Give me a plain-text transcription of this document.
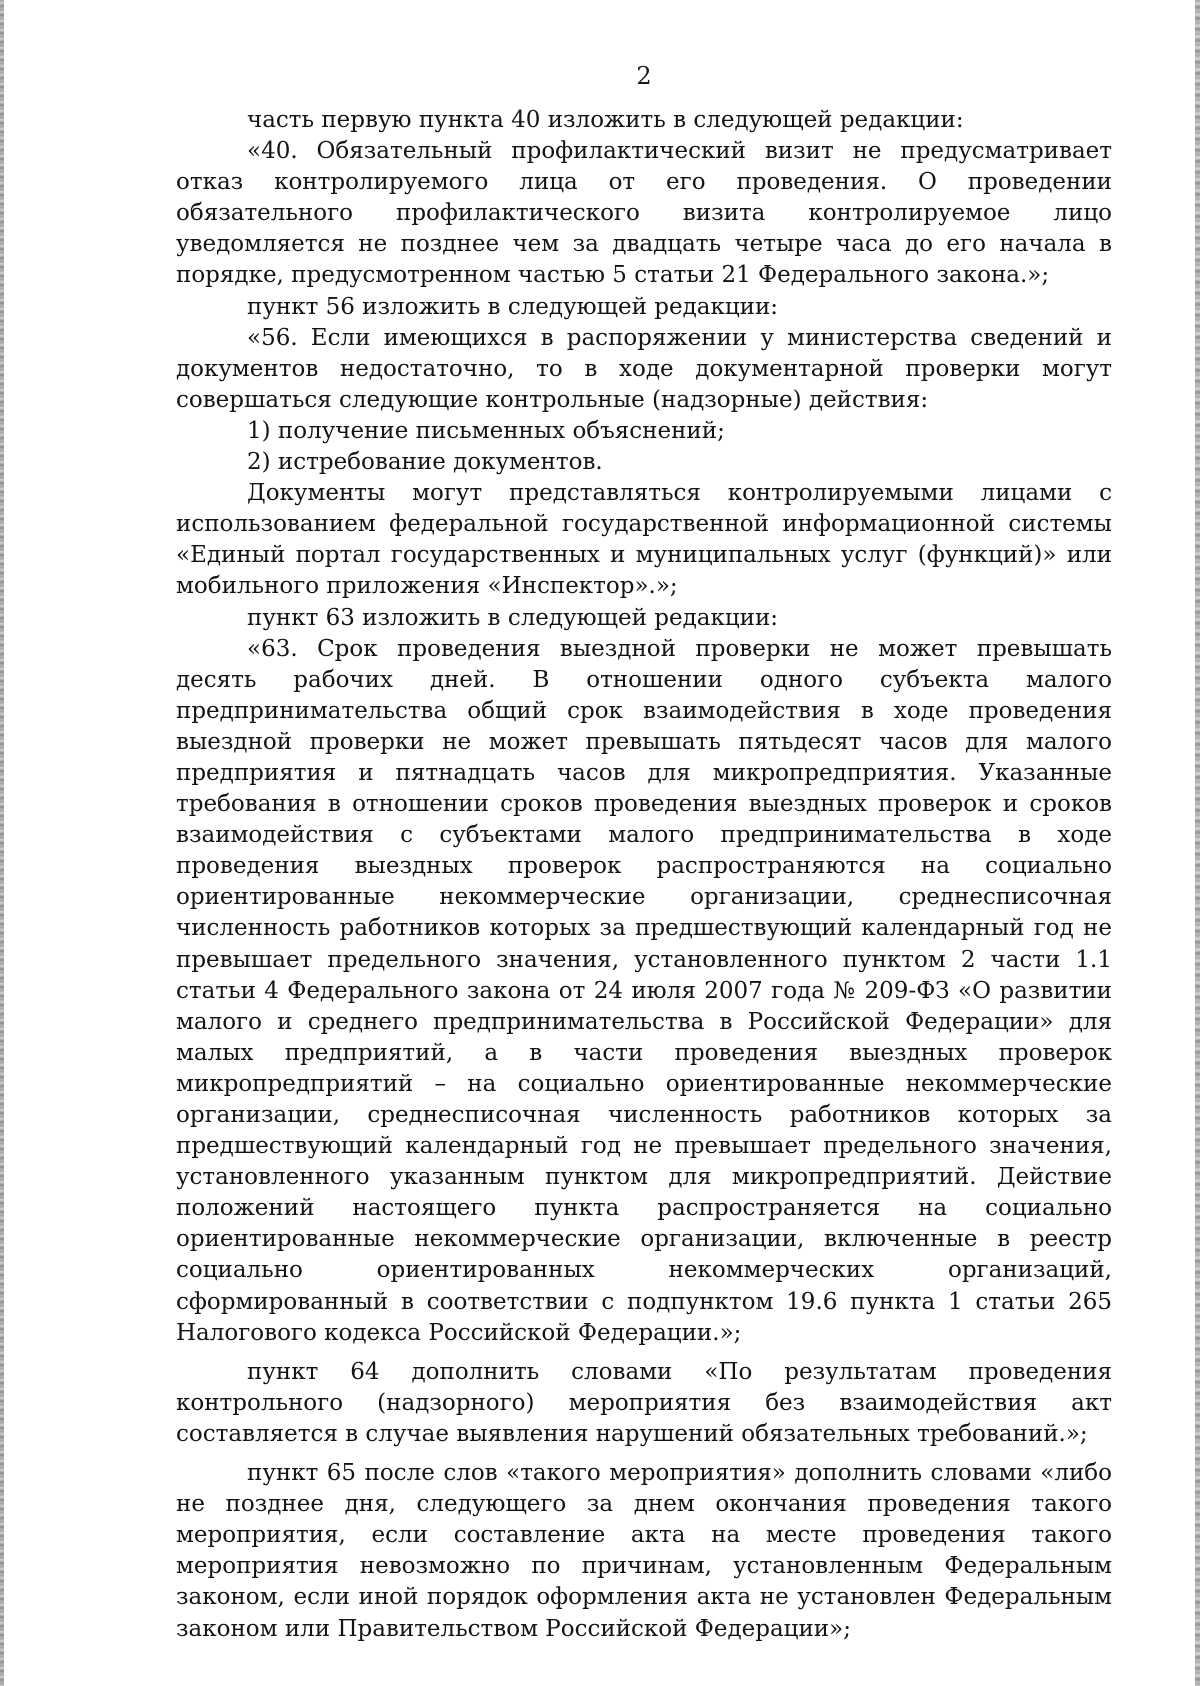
2

часть первую пункта 40 изложить в следующей редакции:

«40. Обязательный профилактический визит не предусматривает отказ контролируемого лица от его проведения. О проведении обязательного профилактического визита контролируемое лицо уведомляется не позднее чем за двадцать четыре часа до его начала в порядке, предусмотренном частью 5 статьи 21 Федерального закона.»;

пункт 56 изложить в следующей редакции:

«56. Если имеющихся в распоряжении у министерства сведений и документов недостаточно, то в ходе документарной проверки могут совершаться следующие контрольные (надзорные) действия:

1) получение письменных объяснений;

2) истребование документов.

Документы могут представляться контролируемыми лицами с использованием федеральной государственной информационной системы «Единый портал государственных и муниципальных услуг (функций)» или мобильного приложения «Инспектор».»;

пункт 63 изложить в следующей редакции:

«63. Срок проведения выездной проверки не может превышать десять рабочих дней. В отношении одного субъекта малого предпринимательства общий срок взаимодействия в ходе проведения выездной проверки не может превышать пятьдесят часов для малого предприятия и пятнадцать часов для микропредприятия. Указанные требования в отношении сроков проведения выездных проверок и сроков взаимодействия с субъектами малого предпринимательства в ходе проведения выездных проверок распространяются на социально ориентированные некоммерческие организации, среднесписочная численность работников которых за предшествующий календарный год не превышает предельного значения, установленного пунктом 2 части 1.1 статьи 4 Федерального закона от 24 июля 2007 года № 209-ФЗ «О развитии малого и среднего предпринимательства в Российской Федерации» для малых предприятий, а в части проведения выездных проверок микропредприятий – на социально ориентированные некоммерческие организации, среднесписочная численность работников которых за предшествующий календарный год не превышает предельного значения, установленного указанным пунктом для микропредприятий. Действие положений настоящего пункта распространяется на социально ориентированные некоммерческие организации, включенные в реестр социально ориентированных некоммерческих организаций, сформированный в соответствии с подпунктом 19.6 пункта 1 статьи 265 Налогового кодекса Российской Федерации.»;

пункт 64 дополнить словами «По результатам проведения контрольного (надзорного) мероприятия без взаимодействия акт составляется в случае выявления нарушений обязательных требований.»;

пункт 65 после слов «такого мероприятия» дополнить словами «либо не позднее дня, следующего за днем окончания проведения такого мероприятия, если составление акта на месте проведения такого мероприятия невозможно по причинам, установленным Федеральным законом, если иной порядок оформления акта не установлен Федеральным законом или Правительством Российской Федерации»;
